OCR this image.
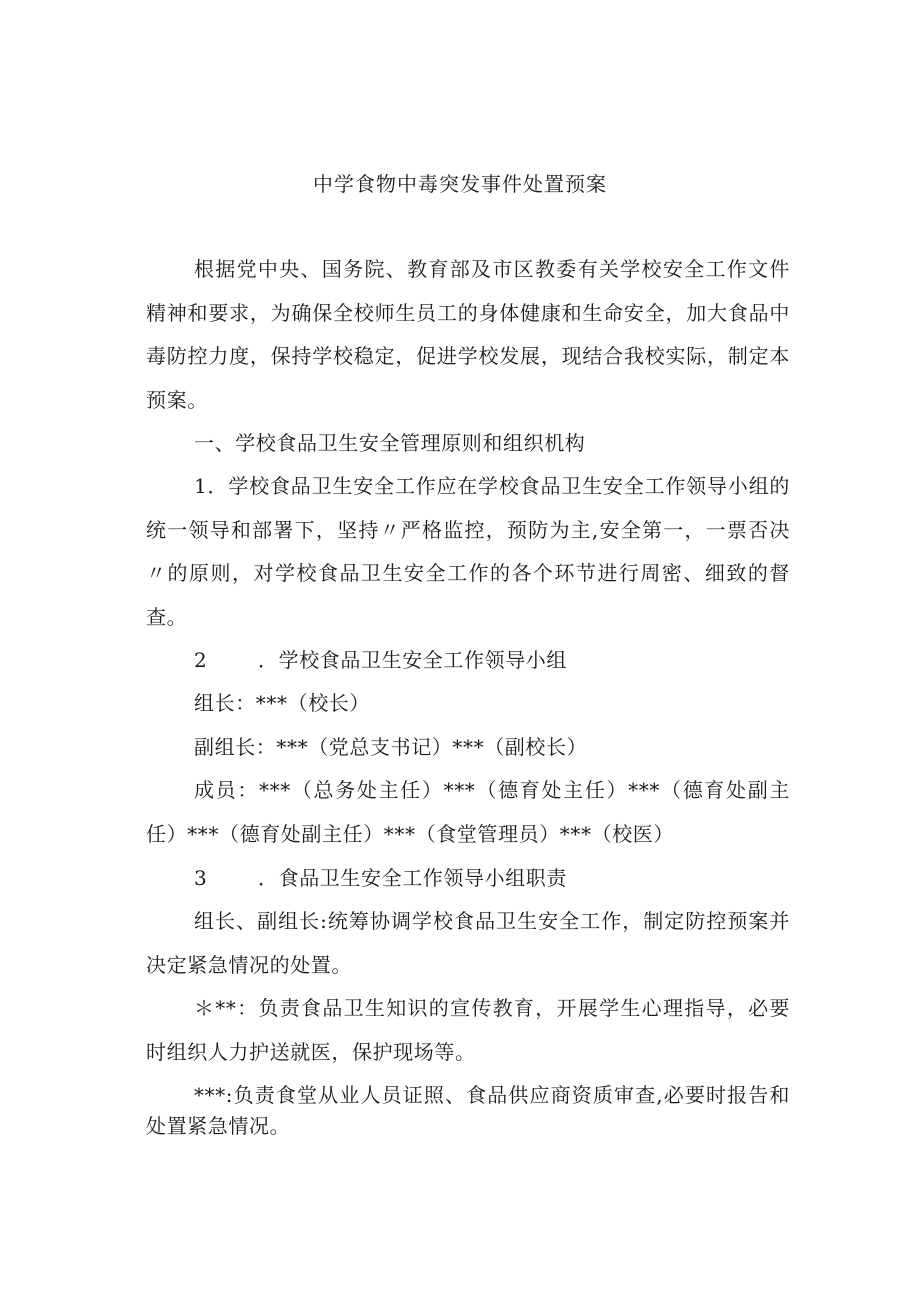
中学食物中毒突发事件处置预案

根据党中央、国务院、教育部及市区教委有关学校安全工作文件精神和要求，为确保全校师生员工的身体健康和生命安全，加大食品中毒防控力度，保持学校稳定，促进学校发展，现结合我校实际，制定本预案。

一、学校食品卫生安全管理原则和组织机构

1．学校食品卫生安全工作应在学校食品卫生安全工作领导小组的统一领导和部署下，坚持〃严格监控，预防为主,安全第一，一票否决〃的原则，对学校食品卫生安全工作的各个环节进行周密、细致的督查。

2	．学校食品卫生安全工作领导小组

组长：***（校长）

副组长：***（党总支书记）***（副校长）

成员：***（总务处主任）***（德育处主任）***（德育处副主任）***（德育处副主任）***（食堂管理员）***（校医）

3	．食品卫生安全工作领导小组职责

组长、副组长:统筹协调学校食品卫生安全工作，制定防控预案并决定紧急情况的处置。

＊**：负责食品卫生知识的宣传教育，开展学生心理指导，必要时组织人力护送就医，保护现场等。

***:负责食堂从业人员证照、食品供应商资质审查,必要时报告和处置紧急情况。
